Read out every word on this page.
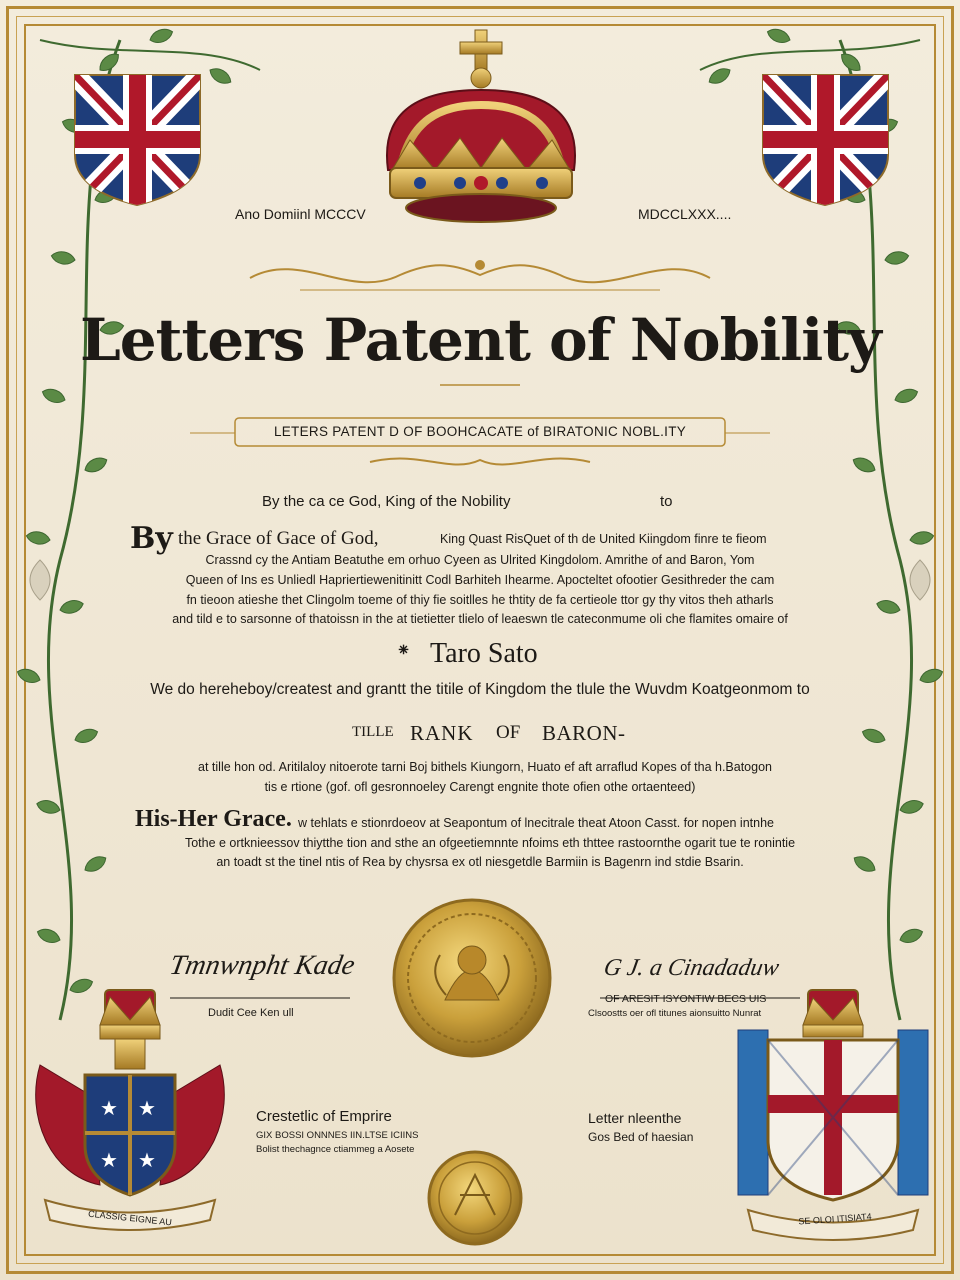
★ ★
★ ★
Ano Domiinl MCCCV	MDCCLXXX....
Letters Patent of Nobility
LETERS PATENT D OF BOOHCACATE of BIRATONIC NOBL.ITY
By the ca ce God, King of the Nobility	to
By the Grace of Gace of God,	King Quast RisQuet of th de United Kiingdom finre te fieom
Crassnd cy the Antiam Beatuthe em orhuo Cyeen as Ulrited Kingdolom. Amrithe of and Baron, Yom
Queen of Ins es Unliedl Hapriertiewenitinitt Codl Barhiteh Ihearme. Apocteltet ofootier Gesithreder the cam
fn tieoon atieshe thet Clingolm toeme of thiy fie soitlles he thtity de fa certieole ttor gy thy vitos theh atharls
and tild e to sarsonne of thatoissn in the at tietietter tlielo of leaeswn tle cateconmume oli che flamites omaire of
⁕ Taro Sato
We do hereheboy/createst and grantt the titile of Kingdom the tlule the Wuvdm Koatgeonmom to
TILLE RANK OF BARON-
at tille hon od. Aritilaloy nitoerote tarni Boj bithels Kiungorn, Huato ef aft arraflud Kopes of tha h.Batogon
tis e rtione (gof. ofl gesronnoeley Carengt engnite thote ofien othe ortaenteed)
His-Her Grace. w tehlats e stionrdoeov at Seapontum of lnecitrale theat Atoon Casst. for nopen intnhe
Tothe e ortknieessov thiytthe tion and sthe an ofgeetiemnnte nfoims eth thttee rastoornthe ogarit tue te ronintie
an toadt st the tinel ntis of Rea by chysrsa ex otl niesgetdle Barmiin is Bagenrn ind stdie Bsarin.
Tmnwnpht Kade
Dudit Cee Ken ull
G J. a Cinadaduw
OF ARESIT ISYONTIW BECS UIS
Clsoostts oer ofl titunes aionsuitto Nunrat
Crestetlic of Emprire
GIX BOSSI ONNNES IIN.LTSE ICIINS
Bolist thechagnce ctiammeg a Aosete
Letter nleenthe
Gos Bed of haesian
CLASSIG EIGNE AU	SE OLOI ITISIAT4
